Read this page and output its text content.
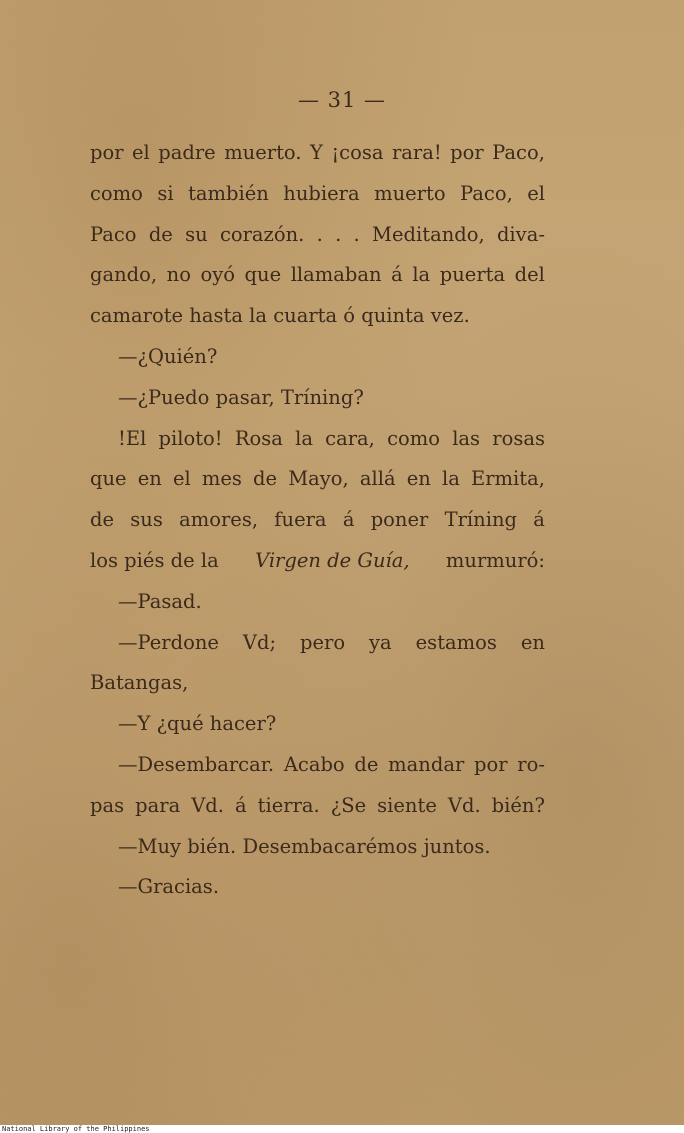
— 31 —
por el padre muerto. Y ¡cosa rara! por Paco,
como si también hubiera muerto Paco, el
Paco de su corazón. . . . Meditando, diva-
gando, no oyó que llamaban á la puerta del
camarote hasta la cuarta ó quinta vez.
—¿Quién?
—¿Puedo pasar, Tríning?
!El piloto! Rosa la cara, como las rosas
que en el mes de Mayo, allá en la Ermita,
de sus amores, fuera á poner Tríning á
los piés de la Virgen de Guía, murmuró:
—Pasad.
—Perdone Vd; pero ya estamos en
Batangas,
—Y ¿qué hacer?
—Desembarcar. Acabo de mandar por ro-
pas para Vd. á tierra. ¿Se siente Vd. bién?
—Muy bién. Desembacarémos juntos.
—Gracias.
National Library of the Philippines
